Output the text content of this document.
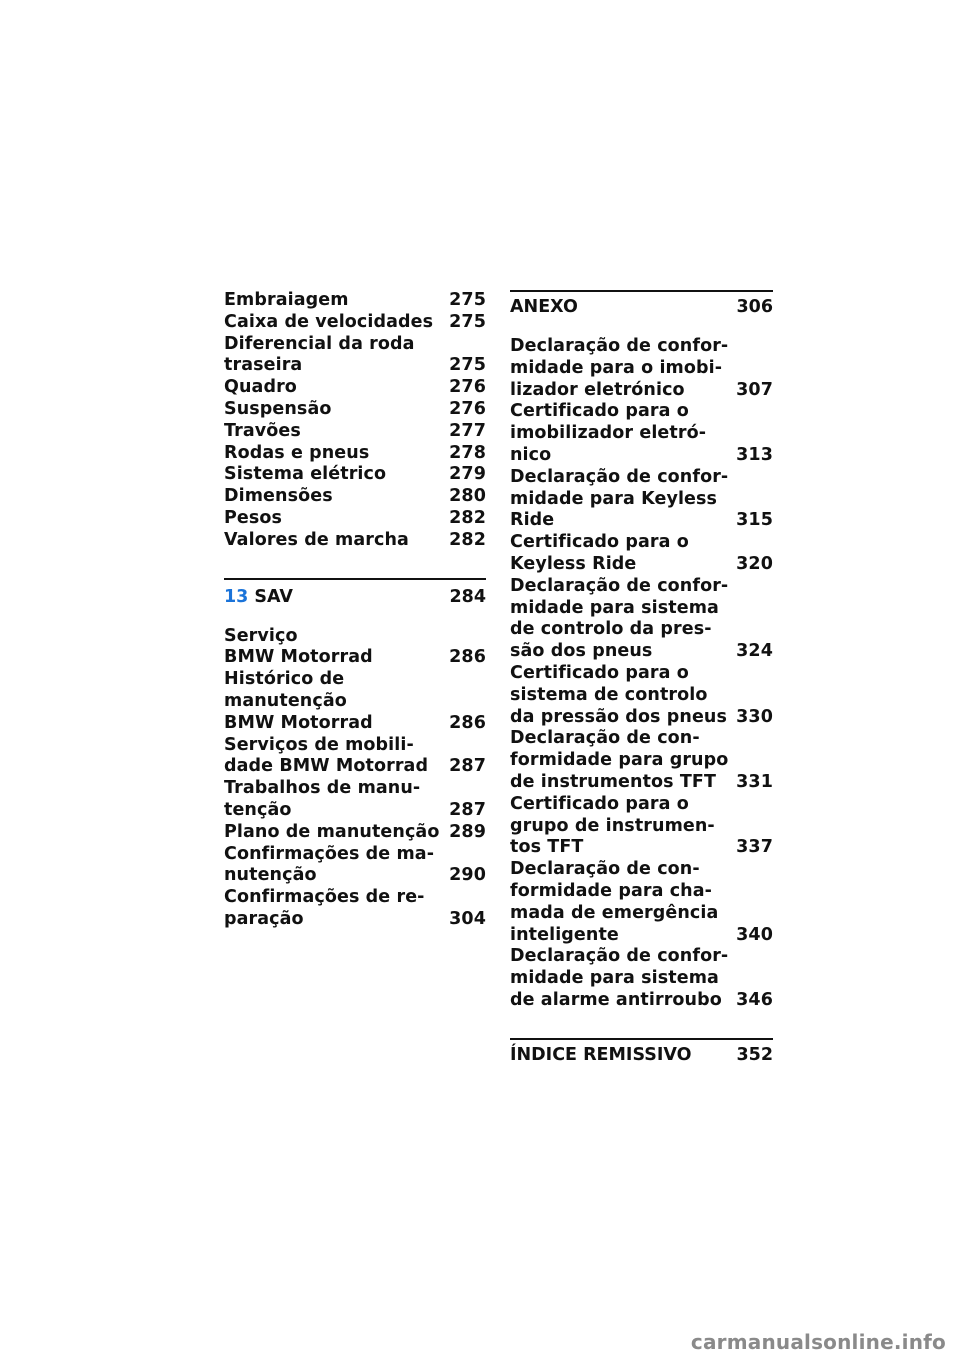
Embraiagem	275
Caixa de velocidades 275
Diferencial da roda
traseira	275
Quadro	276
Suspensão	276
Travões	277
Rodas e pneus	278
Sistema elétrico	279
Dimensões	280
Pesos	282
Valores de marcha 282
13 SAV	284
Serviço
BMW Motorrad	286
Histórico de
manutenção
BMW Motorrad	286
Serviços de mobili-
dade BMW Motorrad 287
Trabalhos de manu-
tenção	287
Plano de manutenção 289
Confirmações de ma-
nutenção	290
Confirmações de re-
paração	304
ANEXO	306
Declaração de confor-
midade para o imobi-
lizador eletrónico	307
Certificado para o
imobilizador eletró-
nico	313
Declaração de confor-
midade para Keyless
Ride	315
Certificado para o
Keyless Ride	320
Declaração de confor-
midade para sistema
de controlo da pres-
são dos pneus	324
Certificado para o
sistema de controlo
da pressão dos pneus 330
Declaração de con-
formidade para grupo
de instrumentos TFT 331
Certificado para o
grupo de instrumen-
tos TFT	337
Declaração de con-
formidade para cha-
mada de emergência
inteligente	340
Declaração de confor-
midade para sistema
de alarme antirroubo 346
ÍNDICE REMISSIVO	352
carmanualsonline.info
